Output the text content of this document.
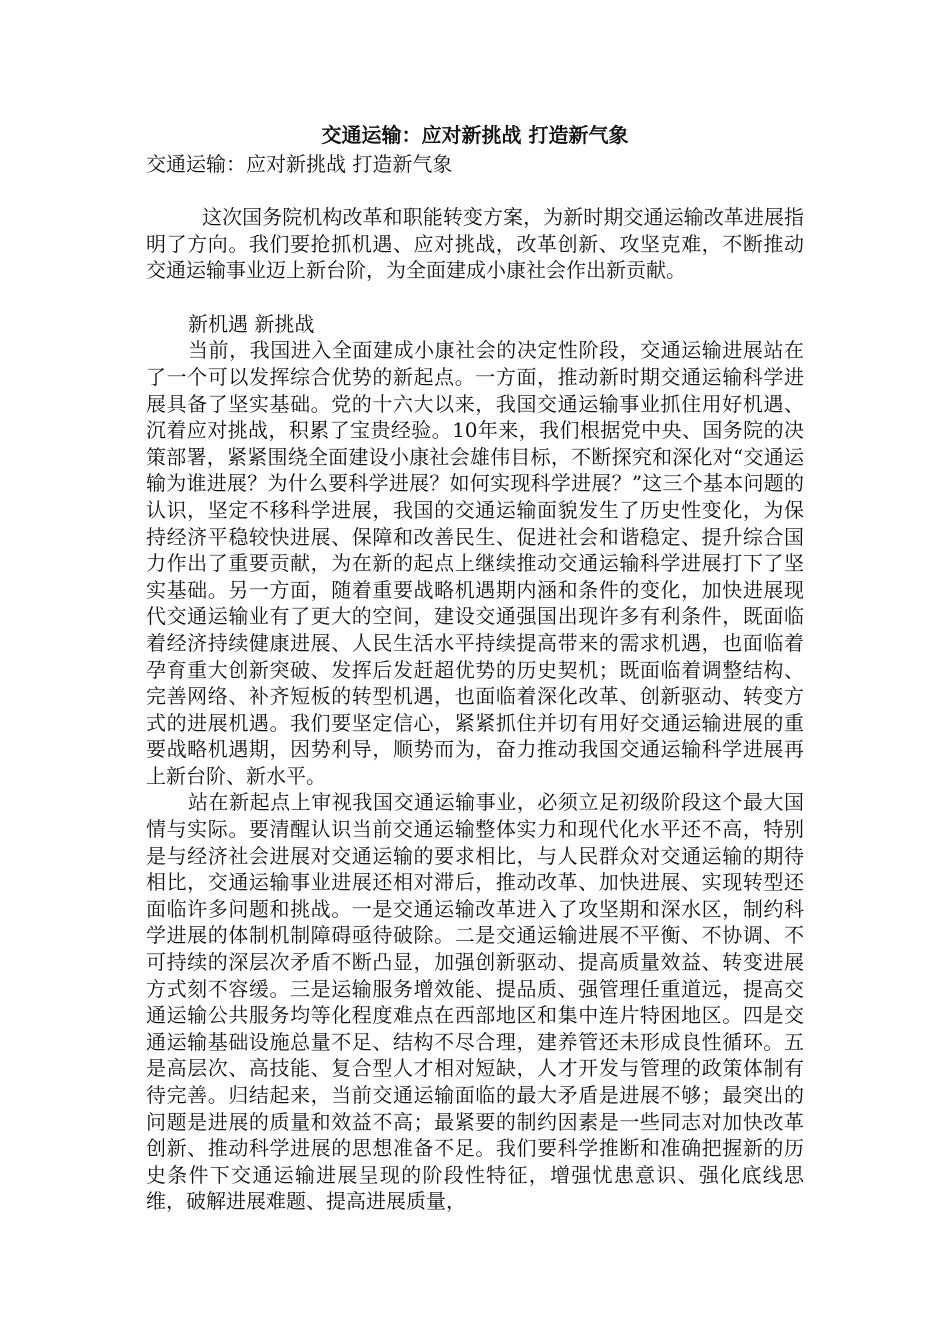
交通运输：应对新挑战 打造新气象

交通运输：应对新挑战 打造新气象

这次国务院机构改革和职能转变方案，为新时期交通运输改革进展指明了方向。我们要抢抓机遇、应对挑战，改革创新、攻坚克难，不断推动交通运输事业迈上新台阶，为全面建成小康社会作出新贡献。

新机遇 新挑战

当前，我国进入全面建成小康社会的决定性阶段，交通运输进展站在了一个可以发挥综合优势的新起点。一方面，推动新时期交通运输科学进展具备了坚实基础。党的十六大以来，我国交通运输事业抓住用好机遇、沉着应对挑战，积累了宝贵经验。10年来，我们根据党中央、国务院的决策部署，紧紧围绕全面建设小康社会雄伟目标，不断探究和深化对“交通运输为谁进展？为什么要科学进展？如何实现科学进展？”这三个基本问题的认识，坚定不移科学进展，我国的交通运输面貌发生了历史性变化，为保持经济平稳较快进展、保障和改善民生、促进社会和谐稳定、提升综合国力作出了重要贡献，为在新的起点上继续推动交通运输科学进展打下了坚实基础。另一方面，随着重要战略机遇期内涵和条件的变化，加快进展现代交通运输业有了更大的空间，建设交通强国出现许多有利条件，既面临着经济持续健康进展、人民生活水平持续提高带来的需求机遇，也面临着孕育重大创新突破、发挥后发赶超优势的历史契机；既面临着调整结构、完善网络、补齐短板的转型机遇，也面临着深化改革、创新驱动、转变方式的进展机遇。我们要坚定信心，紧紧抓住并切有用好交通运输进展的重要战略机遇期，因势利导，顺势而为，奋力推动我国交通运输科学进展再上新台阶、新水平。

站在新起点上审视我国交通运输事业，必须立足初级阶段这个最大国情与实际。要清醒认识当前交通运输整体实力和现代化水平还不高，特别是与经济社会进展对交通运输的要求相比，与人民群众对交通运输的期待相比，交通运输事业进展还相对滞后，推动改革、加快进展、实现转型还面临许多问题和挑战。一是交通运输改革进入了攻坚期和深水区，制约科学进展的体制机制障碍亟待破除。二是交通运输进展不平衡、不协调、不可持续的深层次矛盾不断凸显，加强创新驱动、提高质量效益、转变进展方式刻不容缓。三是运输服务增效能、提品质、强管理任重道远，提高交通运输公共服务均等化程度难点在西部地区和集中连片特困地区。四是交通运输基础设施总量不足、结构不尽合理，建养管还未形成良性循环。五是高层次、高技能、复合型人才相对短缺，人才开发与管理的政策体制有待完善。归结起来，当前交通运输面临的最大矛盾是进展不够；最突出的问题是进展的质量和效益不高；最紧要的制约因素是一些同志对加快改革创新、推动科学进展的思想准备不足。我们要科学推断和准确把握新的历史条件下交通运输进展呈现的阶段性特征，增强忧患意识、强化底线思维，破解进展难题、提高进展质量，
